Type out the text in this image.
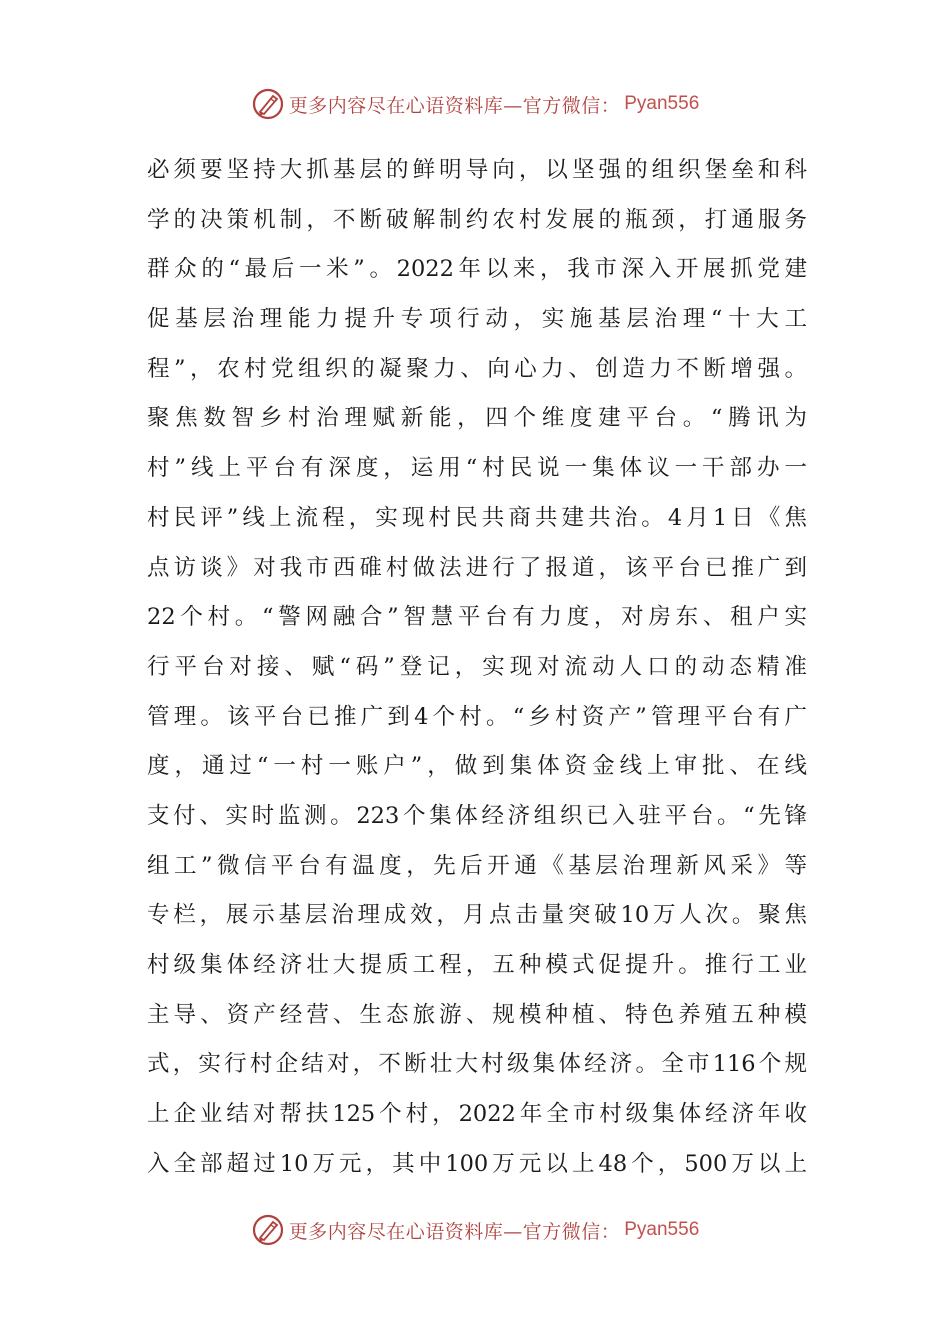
更多内容尽在心语资料库—官方微信： Pyan556
必须要坚持大抓基层的鲜明导向，以坚强的组织堡垒和科
学的决策机制，不断破解制约农村发展的瓶颈，打通服务
群众的“最后一米”。2022年以来，我市深入开展抓党建
促基层治理能力提升专项行动，实施基层治理“十大工
程”，农村党组织的凝聚力、向心力、创造力不断增强。
聚焦数智乡村治理赋新能，四个维度建平台。“腾讯为
村”线上平台有深度，运用“村民说一集体议一干部办一
村民评”线上流程，实现村民共商共建共治。4月1日《焦
点访谈》对我市西碓村做法进行了报道，该平台已推广到
22个村。“警网融合”智慧平台有力度，对房东、租户实
行平台对接、赋“码”登记，实现对流动人口的动态精准
管理。该平台已推广到4个村。“乡村资产”管理平台有广
度，通过“一村一账户”，做到集体资金线上审批、在线
支付、实时监测。223个集体经济组织已入驻平台。“先锋
组工”微信平台有温度，先后开通《基层治理新风采》等
专栏，展示基层治理成效，月点击量突破10万人次。聚焦
村级集体经济壮大提质工程，五种模式促提升。推行工业
主导、资产经营、生态旅游、规模种植、特色养殖五种模
式，实行村企结对，不断壮大村级集体经济。全市116个规
上企业结对帮扶125个村，2022年全市村级集体经济年收
入全部超过10万元，其中100万元以上48个，500万以上
更多内容尽在心语资料库—官方微信： Pyan556
